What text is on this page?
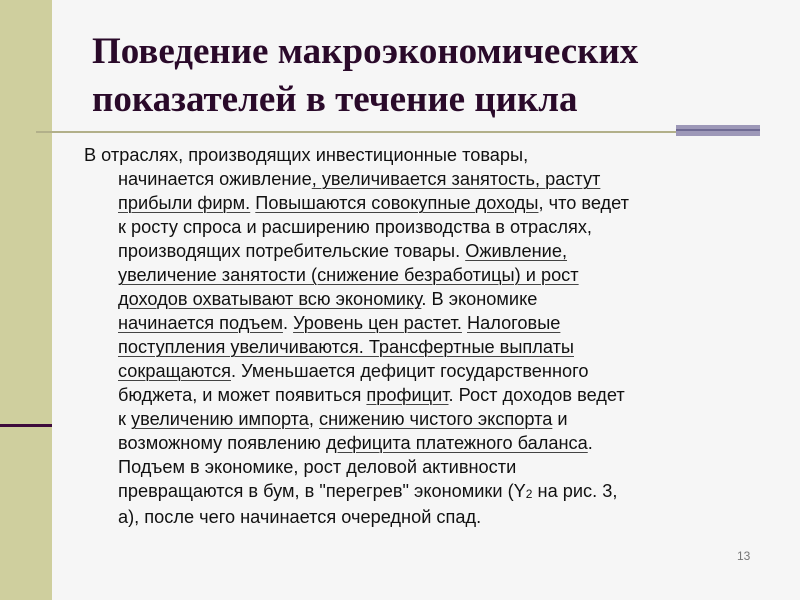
Поведение макроэкономических
показателей в течение цикла
В отраслях, производящих инвестиционные товары,
начинается оживление, увеличивается занятость, растут
прибыли фирм. Повышаются совокупные доходы, что ведет
к росту спроса и расширению производства в отраслях,
производящих потребительские товары. Оживление,
увеличение занятости (снижение безработицы) и рост
доходов охватывают всю экономику. В экономике
начинается подъем. Уровень цен растет. Налоговые
поступления увеличиваются. Трансфертные выплаты
сокращаются. Уменьшается дефицит государственного
бюджета, и может появиться профицит. Рост доходов ведет
к увеличению импорта, снижению чистого экспорта и
возможному появлению дефицита платежного баланса.
Подъем в экономике, рост деловой активности
превращаются в бум, в "перегрев" экономики ($Y_2$ на рис. 3,
а), после чего начинается очередной спад.
13
